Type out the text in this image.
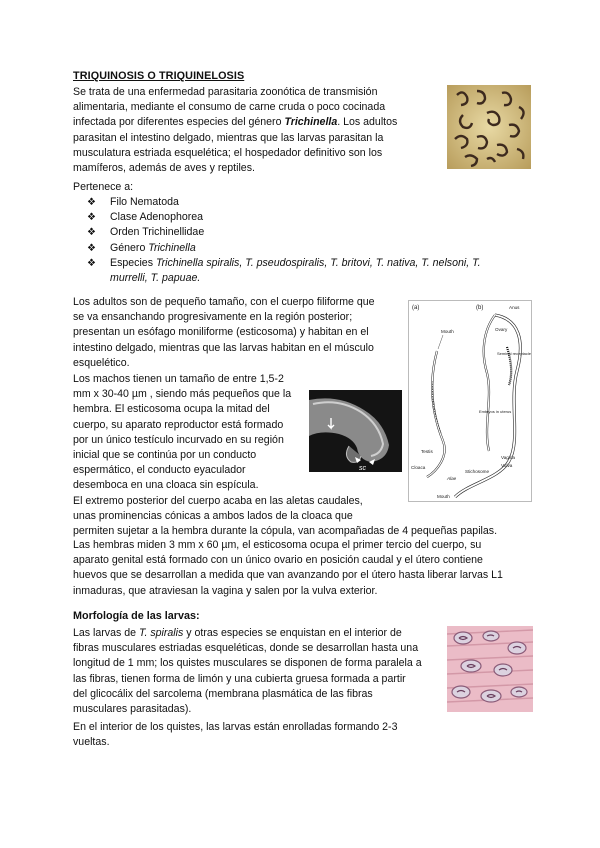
TRIQUINOSIS O TRIQUINELOSIS
Se trata de una enfermedad parasitaria zoonótica de transmisión
alimentaria, mediante el consumo de carne cruda o poco cocinada
infectada por diferentes especies del género Trichinella. Los adultos
parasitan el intestino delgado, mientras que las larvas parasitan la
musculatura estriada esquelética; el hospedador definitivo son los
mamíferos, además de aves y reptiles.
Pertenece a:
❖ Filo Nematoda
❖ Clase Adenophorea
❖ Orden Trichinellidae
❖ Género Trichinella
❖ Especies Trichinella spiralis, T. pseudospiralis, T. britovi, T. nativa, T. nelsoni, T.
murrelli, T. papuae.
Los adultos son de pequeño tamaño, con el cuerpo filiforme que
se va ensanchando progresivamente en la región posterior;
presentan un esófago moniliforme (esticosoma) y habitan en el
intestino delgado, mientras que las larvas habitan en el músculo
esquelético.
Los machos tienen un tamaño de entre 1,5-2
mm x 30-40 µm , siendo más pequeños que la
hembra. El esticosoma ocupa la mitad del
cuerpo, su aparato reproductor está formado
por un único testículo incurvado en su región
inicial que se continúa por un conducto
espermático, el conducto eyaculador
desemboca en una cloaca sin espícula.
El extremo posterior del cuerpo acaba en las aletas caudales,
unas prominencias cónicas a ambos lados de la cloaca que
permiten sujetar a la hembra durante la cópula, van acompañadas de 4 pequeñas papilas.
sc
(a)	(b)
Mouth
Testis
Cloaca
Alae
Anus
Ovary
Seminal receptacle
Embryos in uterus
Vagina
Vulva
Stichosome
Mouth
Las hembras miden 3 mm x 60 µm, el esticosoma ocupa el primer tercio del cuerpo, su
aparato genital está formado con un único ovario en posición caudal y el útero contiene
huevos que se desarrollan a medida que van avanzando por el útero hasta liberar larvas L1
inmaduras, que atraviesan la vagina y salen por la vulva exterior.
Morfología de las larvas:
Las larvas de T. spiralis y otras especies se enquistan en el interior de
fibras musculares estriadas esqueléticas, donde se desarrollan hasta una
longitud de 1 mm; los quistes musculares se disponen de forma paralela a
las fibras, tienen forma de limón y una cubierta gruesa formada a partir
del glicocálix del sarcolema (membrana plasmática de las fibras
musculares parasitadas).
En el interior de los quistes, las larvas están enrolladas formando 2-3
vueltas.
